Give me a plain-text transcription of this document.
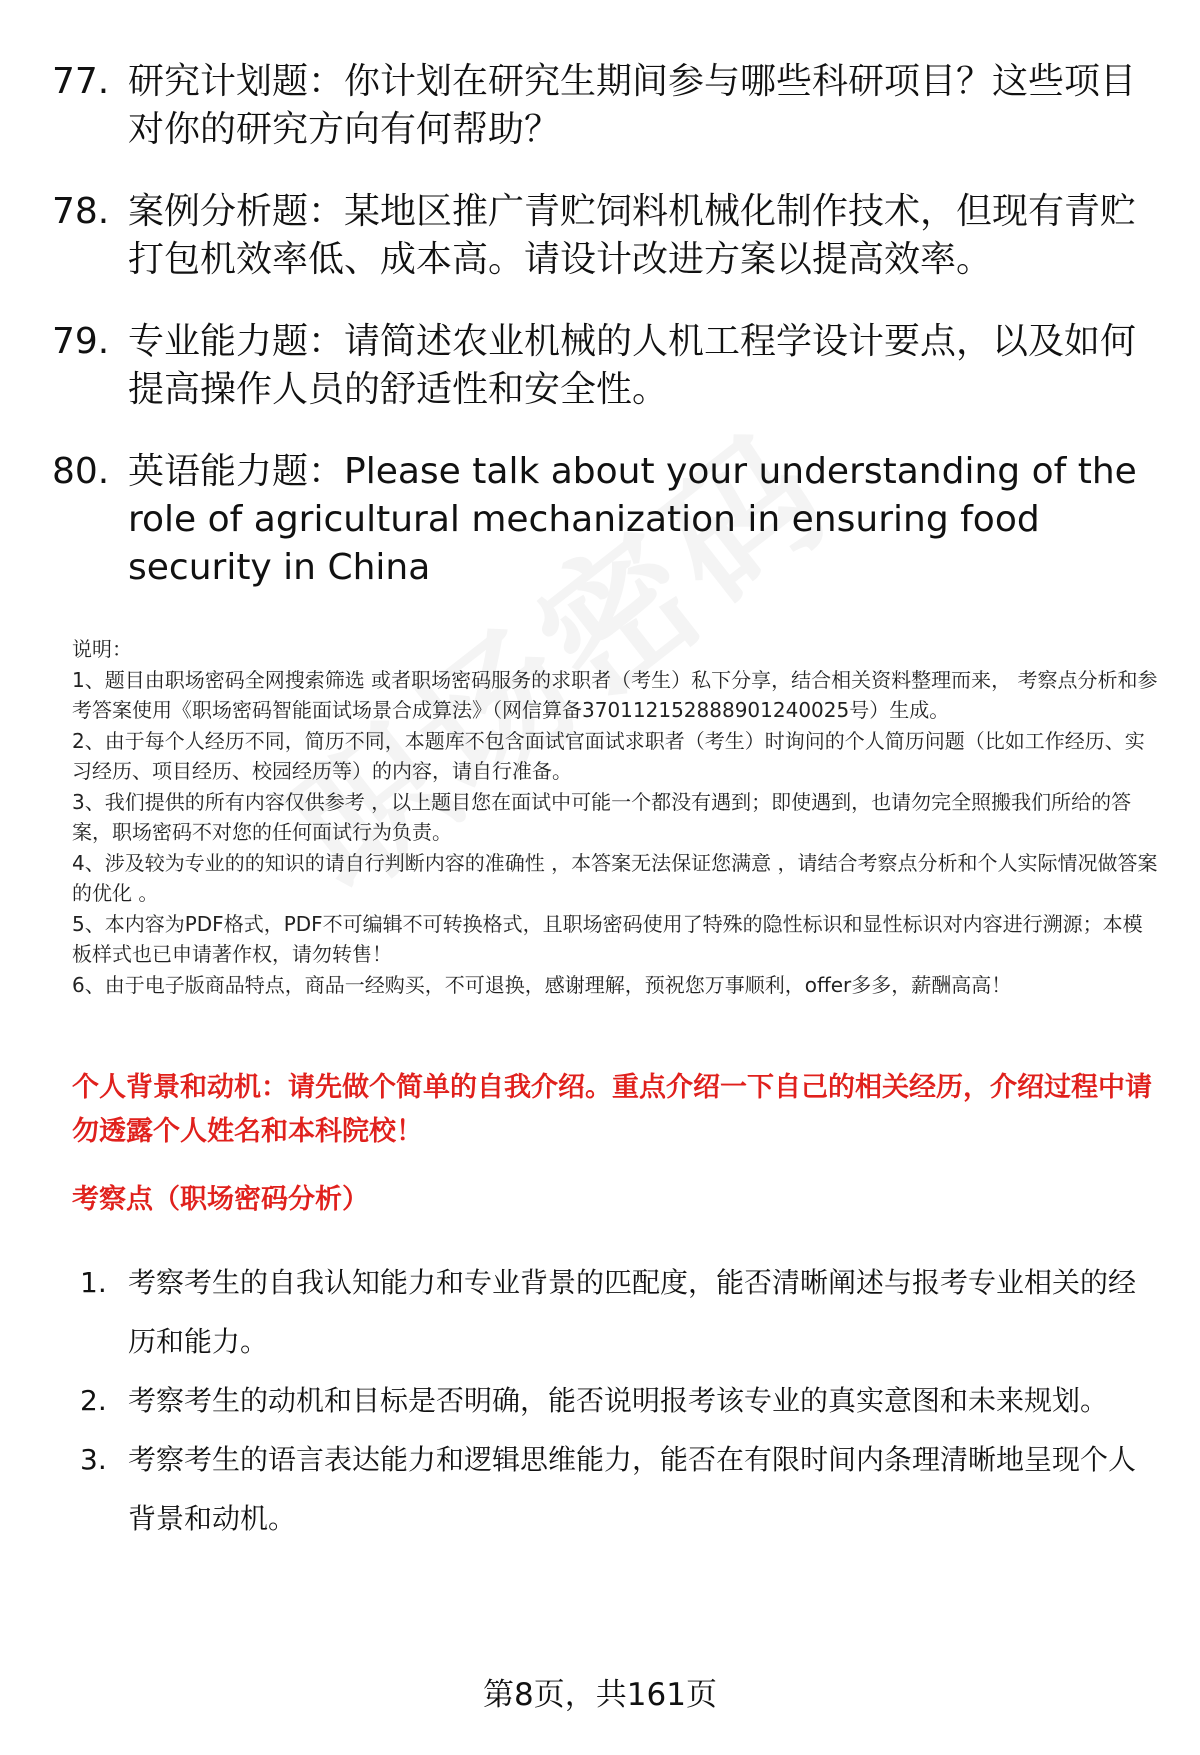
77. 研究计划题：你计划在研究生期间参与哪些科研项目？这些项目对你的研究方向有何帮助？
78. 案例分析题：某地区推广青贮饲料机械化制作技术，但现有青贮打包机效率低、成本高。请设计改进方案以提高效率。
79. 专业能力题：请简述农业机械的人机工程学设计要点，以及如何提高操作人员的舒适性和安全性。
80. 英语能力题：Please talk about your understanding of the role of agricultural mechanization in ensuring food security in China

说明：

1、题目由职场密码全网搜索筛选 或者职场密码服务的求职者（考生）私下分享，结合相关资料整理而来， 考察点分析和参考答案使用《职场密码智能面试场景合成算法》（网信算备370112152888901240025号）生成。

2、由于每个人经历不同，简历不同，本题库不包含面试官面试求职者（考生）时询问的个人简历问题（比如工作经历、实习经历、项目经历、校园经历等）的内容，请自行准备。

3、我们提供的所有内容仅供参考 ，以上题目您在面试中可能一个都没有遇到；即使遇到，也请勿完全照搬我们所给的答案，职场密码不对您的任何面试行为负责。

4、涉及较为专业的的知识的请自行判断内容的准确性 ，本答案无法保证您满意 ，请结合考察点分析和个人实际情况做答案的优化 。

5、本内容为PDF格式，PDF不可编辑不可转换格式，且职场密码使用了特殊的隐性标识和显性标识对内容进行溯源；本模板样式也已申请著作权，请勿转售！

6、由于电子版商品特点，商品一经购买，不可退换，感谢理解，预祝您万事顺利，offer多多，薪酬高高！

个人背景和动机：请先做个简单的自我介绍。重点介绍一下自己的相关经历，介绍过程中请勿透露个人姓名和本科院校！
考察点（职场密码分析）
1. 考察考生的自我认知能力和专业背景的匹配度，能否清晰阐述与报考专业相关的经历和能力。
2. 考察考生的动机和目标是否明确，能否说明报考该专业的真实意图和未来规划。
3. 考察考生的语言表达能力和逻辑思维能力，能否在有限时间内条理清晰地呈现个人背景和动机。
第8页，共161页
